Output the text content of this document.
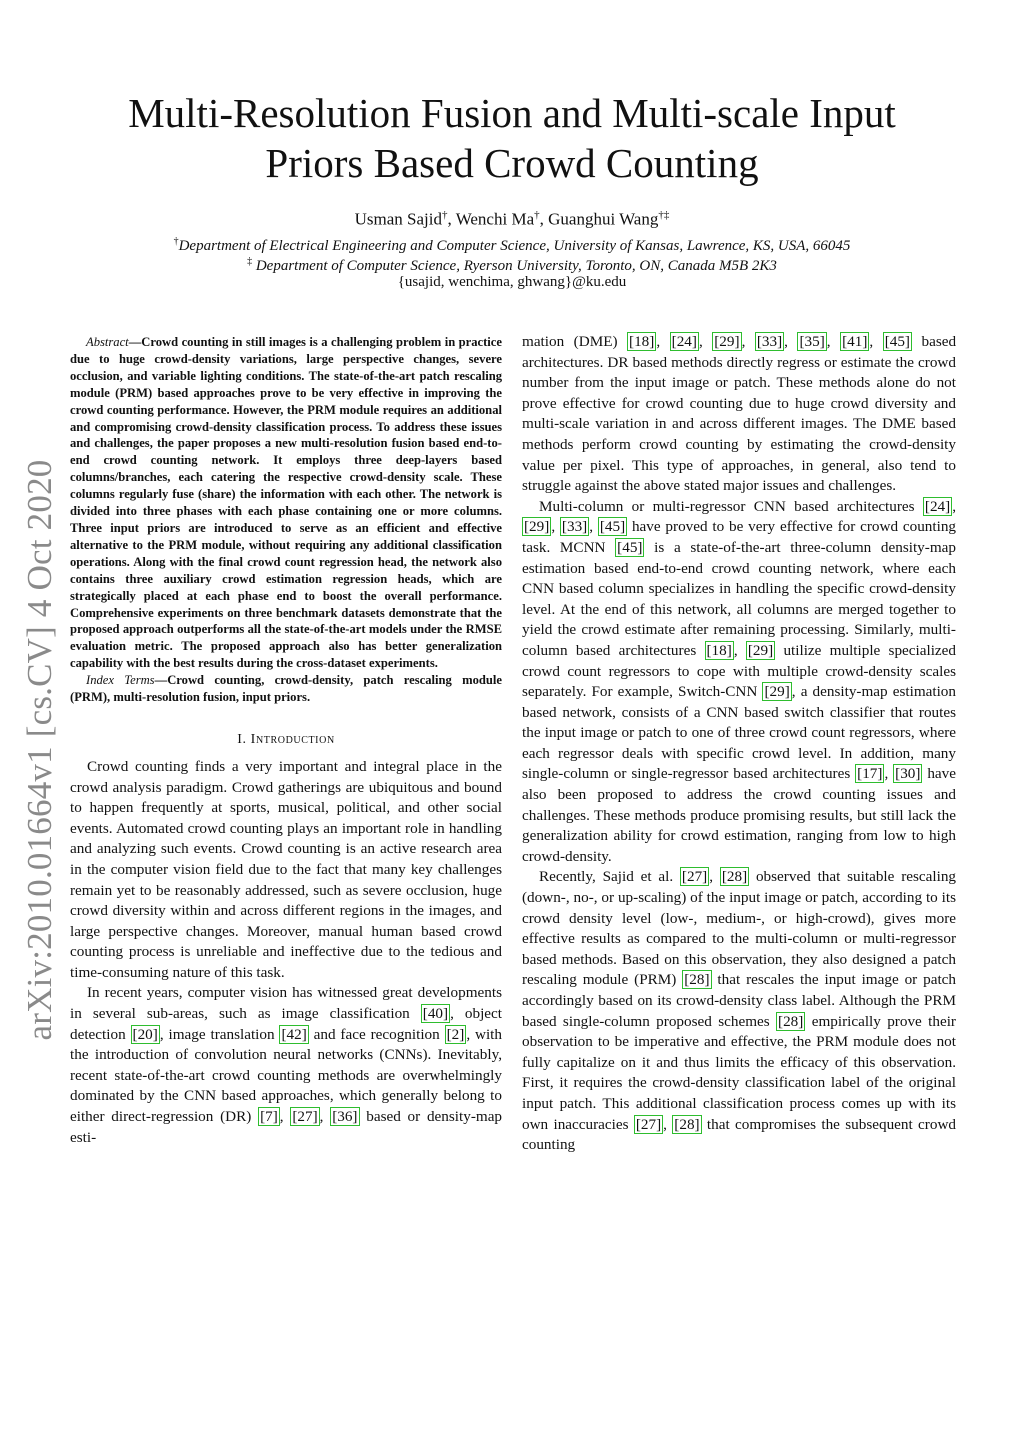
arXiv:2010.01664v1 [cs.CV] 4 Oct 2020
Multi-Resolution Fusion and Multi-scale Input
Priors Based Crowd Counting
Usman Sajid†, Wenchi Ma†, Guanghui Wang†‡
†Department of Electrical Engineering and Computer Science, University of Kansas, Lawrence, KS, USA, 66045
‡ Department of Computer Science, Ryerson University, Toronto, ON, Canada M5B 2K3
{usajid, wenchima, ghwang}@ku.edu

Abstract—Crowd counting in still images is a challenging problem in practice due to huge crowd-density variations, large perspective changes, severe occlusion, and variable lighting conditions. The state-of-the-art patch rescaling module (PRM) based approaches prove to be very effective in improving the crowd counting performance. However, the PRM module requires an additional and compromising crowd-density classification process. To address these issues and challenges, the paper proposes a new multi-resolution fusion based end-to-end crowd counting network. It employs three deep-layers based columns/branches, each catering the respective crowd-density scale. These columns regularly fuse (share) the information with each other. The network is divided into three phases with each phase containing one or more columns. Three input priors are introduced to serve as an efficient and effective alternative to the PRM module, without requiring any additional classification operations. Along with the final crowd count regression head, the network also contains three auxiliary crowd estimation regression heads, which are strategically placed at each phase end to boost the overall performance. Comprehensive experiments on three benchmark datasets demonstrate that the proposed approach outperforms all the state-of-the-art models under the RMSE evaluation metric. The proposed approach also has better generalization capability with the best results during the cross-dataset experiments.

Index Terms—Crowd counting, crowd-density, patch rescaling module (PRM), multi-resolution fusion, input priors.

I. Introduction

Crowd counting finds a very important and integral place in the crowd analysis paradigm. Crowd gatherings are ubiquitous and bound to happen frequently at sports, musical, political, and other social events. Automated crowd counting plays an important role in handling and analyzing such events. Crowd counting is an active research area in the computer vision field due to the fact that many key challenges remain yet to be reasonably addressed, such as severe occlusion, huge crowd diversity within and across different regions in the images, and large perspective changes. Moreover, manual human based crowd counting process is unreliable and ineffective due to the tedious and time-consuming nature of this task.

In recent years, computer vision has witnessed great developments in several sub-areas, such as image classification [40] , object detection [20] , image translation [42] and face recognition [2] , with the introduction of convolution neural networks (CNNs). Inevitably, recent state-of-the-art crowd counting methods are overwhelmingly dominated by the CNN based approaches, which generally belong to either direct-regression (DR) [7] , [27] , [36] based or density-map esti-

mation (DME) [18] , [24] , [29] , [33] , [35] , [41] , [45] based architectures. DR based methods directly regress or estimate the crowd number from the input image or patch. These methods alone do not prove effective for crowd counting due to huge crowd diversity and multi-scale variation in and across different images. The DME based methods perform crowd counting by estimating the crowd-density value per pixel. This type of approaches, in general, also tend to struggle against the above stated major issues and challenges.

Multi-column or multi-regressor CNN based architectures [24] , [29] , [33] , [45] have proved to be very effective for crowd counting task. MCNN [45] is a state-of-the-art three-column density-map estimation based end-to-end crowd counting network, where each CNN based column specializes in handling the specific crowd-density level. At the end of this network, all columns are merged together to yield the crowd estimate after remaining processing. Similarly, multi-column based architectures [18] , [29] utilize multiple specialized crowd count regressors to cope with multiple crowd-density scales separately. For example, Switch-CNN [29] , a density-map estimation based network, consists of a CNN based switch classifier that routes the input image or patch to one of three crowd count regressors, where each regressor deals with specific crowd level. In addition, many single-column or single-regressor based architectures [17] , [30] have also been proposed to address the crowd counting issues and challenges. These methods produce promising results, but still lack the generalization ability for crowd estimation, ranging from low to high crowd-density.

Recently, Sajid et al. [27] , [28] observed that suitable rescaling (down-, no-, or up-scaling) of the input image or patch, according to its crowd density level (low-, medium-, or high-crowd), gives more effective results as compared to the multi-column or multi-regressor based methods. Based on this observation, they also designed a patch rescaling module (PRM) [28] that rescales the input image or patch accordingly based on its crowd-density class label. Although the PRM based single-column proposed schemes [28] empirically prove their observation to be imperative and effective, the PRM module does not fully capitalize on it and thus limits the efficacy of this observation. First, it requires the crowd-density classification label of the original input patch. This additional classification process comes up with its own inaccuracies [27] , [28] that compromises the subsequent crowd counting
